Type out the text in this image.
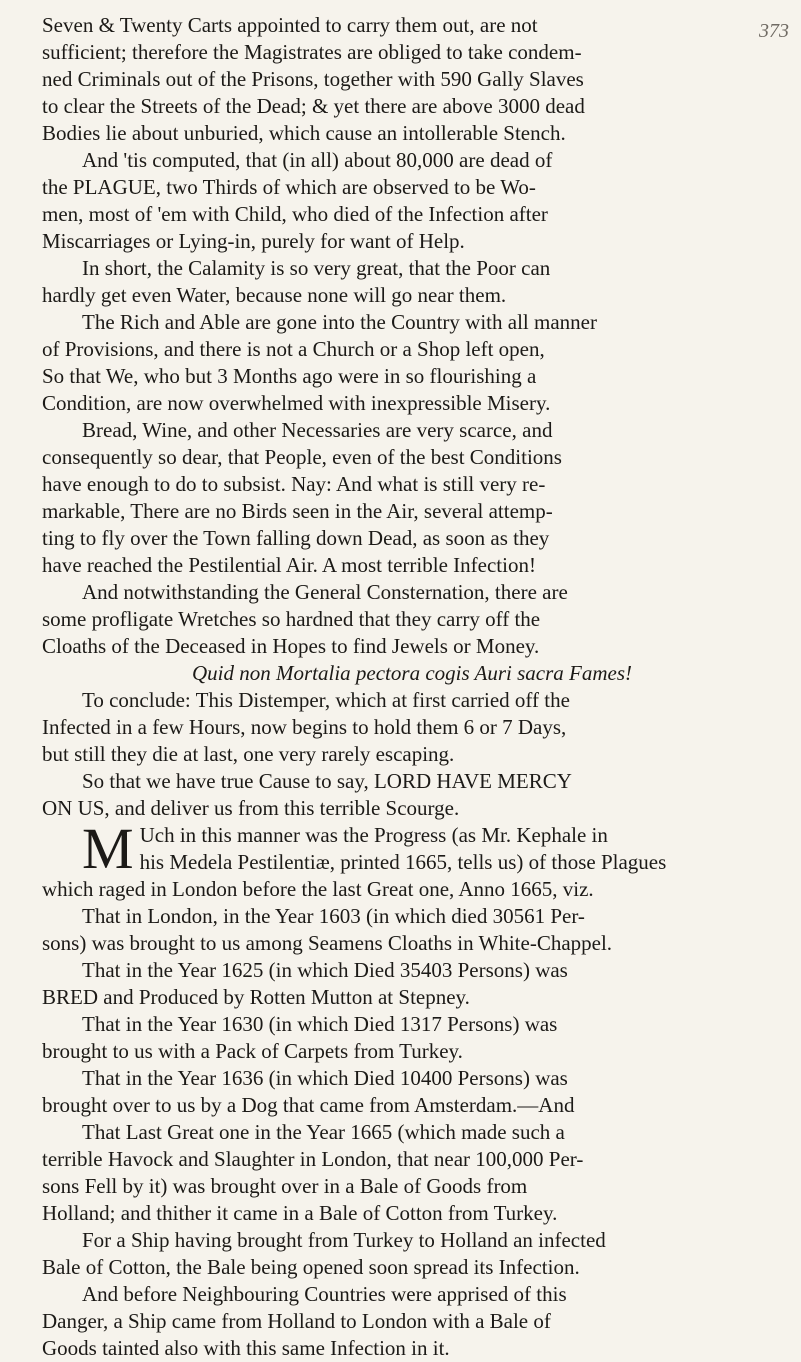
373
Seven & Twenty Carts appointed to carry them out, are not
sufficient; therefore the Magistrates are obliged to take condem-
ned Criminals out of the Prisons, together with 590 Gally Slaves
to clear the Streets of the Dead; & yet there are above 3000 dead
Bodies lie about unburied, which cause an intollerable Stench.
And 'tis computed, that (in all) about 80,000 are dead of
the PLAGUE, two Thirds of which are observed to be Wo-
men, most of 'em with Child, who died of the Infection after
Miscarriages or Lying-in, purely for want of Help.
In short, the Calamity is so very great, that the Poor can
hardly get even Water, because none will go near them.
The Rich and Able are gone into the Country with all manner
of Provisions, and there is not a Church or a Shop left open,
So that We, who but 3 Months ago were in so flourishing a
Condition, are now overwhelmed with inexpressible Misery.
Bread, Wine, and other Necessaries are very scarce, and
consequently so dear, that People, even of the best Conditions
have enough to do to subsist. Nay: And what is still very re-
markable, There are no Birds seen in the Air, several attemp-
ting to fly over the Town falling down Dead, as soon as they
have reached the Pestilential Air. A most terrible Infection!
And notwithstanding the General Consternation, there are
some profligate Wretches so hardned that they carry off the
Cloaths of the Deceased in Hopes to find Jewels or Money.
Quid non Mortalia pectora cogis Auri sacra Fames!
To conclude: This Distemper, which at first carried off the
Infected in a few Hours, now begins to hold them 6 or 7 Days,
but still they die at last, one very rarely escaping.
So that we have true Cause to say, LORD HAVE MERCY
ON US, and deliver us from this terrible Scourge.
M Uch in this manner was the Progress (as Mr. Kephale in
his Medela Pestilentiæ, printed 1665, tells us) of those Plagues
which raged in London before the last Great one, Anno 1665, viz.
That in London, in the Year 1603 (in which died 30561 Per-
sons) was brought to us among Seamens Cloaths in White-Chappel.
That in the Year 1625 (in which Died 35403 Persons) was
BRED and Produced by Rotten Mutton at Stepney.
That in the Year 1630 (in which Died 1317 Persons) was
brought to us with a Pack of Carpets from Turkey.
That in the Year 1636 (in which Died 10400 Persons) was
brought over to us by a Dog that came from Amsterdam.—And
That Last Great one in the Year 1665 (which made such a
terrible Havock and Slaughter in London, that near 100,000 Per-
sons Fell by it) was brought over in a Bale of Goods from
Holland; and thither it came in a Bale of Cotton from Turkey.
For a Ship having brought from Turkey to Holland an infected
Bale of Cotton, the Bale being opened soon spread its Infection.
And before Neighbouring Countries were apprised of this
Danger, a Ship came from Holland to London with a Bale of
Goods tainted also with this same Infection in it.
